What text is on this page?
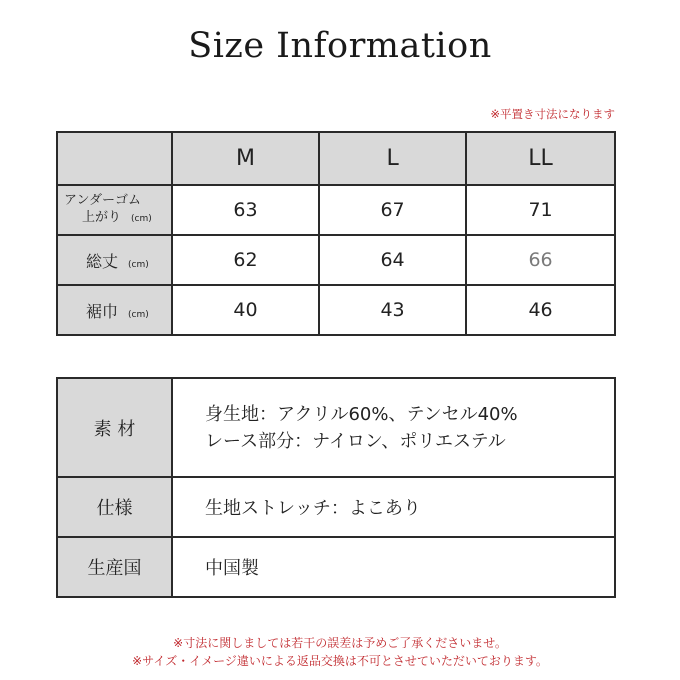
Size Information
※平置き寸法になります
	M	L	LL

アンダーゴム
上がり (cm)	63	67	71

総丈 (cm)	62	64	66

裾巾 (cm)	40	43	46
素 材	身生地：アクリル60%、テンセル40%
レース部分：ナイロン、ポリエステル

仕様	生地ストレッチ：よこあり
生産国	中国製
※寸法に関しましては若干の誤差は予めご了承くださいませ。
※サイズ・イメージ違いによる返品交換は不可とさせていただいております。
